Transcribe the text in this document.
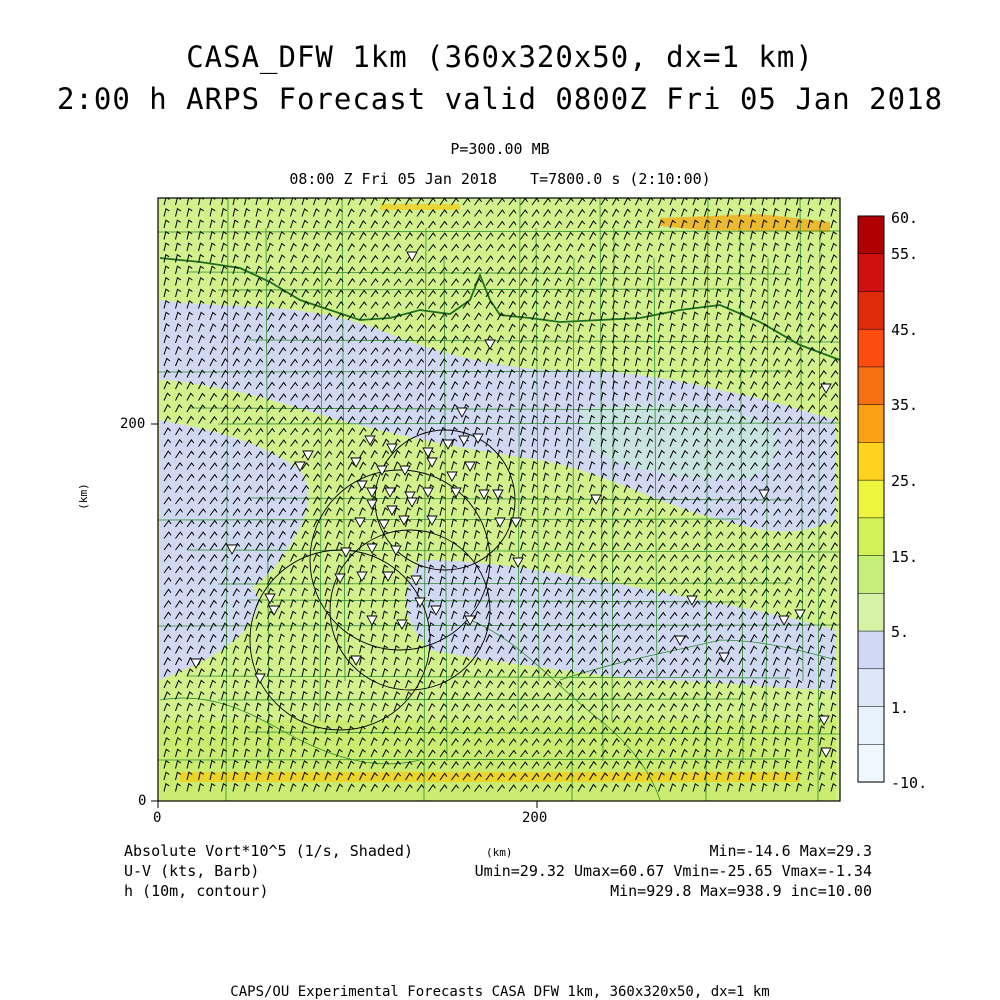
CASA_DFW 1km (360x320x50, dx=1 km)
2:00 h ARPS Forecast valid 0800Z Fri 05 Jan 2018
P=300.00 MB
08:00 Z Fri 05 Jan 2018 T=7800.0 s (2:10:00)
0	200
0
200
(km)
60.
55.
45.
35.
25.
15.
5.
1.
-10.
Absolute Vort*10^5 (1/s, Shaded)
U-V (kts, Barb)
h (10m, contour)
(km)	Min=-14.6 Max=29.3
Umin=29.32 Umax=60.67 Vmin=-25.65 Vmax=-1.34
Min=929.8 Max=938.9 inc=10.00
CAPS/OU Experimental Forecasts CASA DFW 1km, 360x320x50, dx=1 km
